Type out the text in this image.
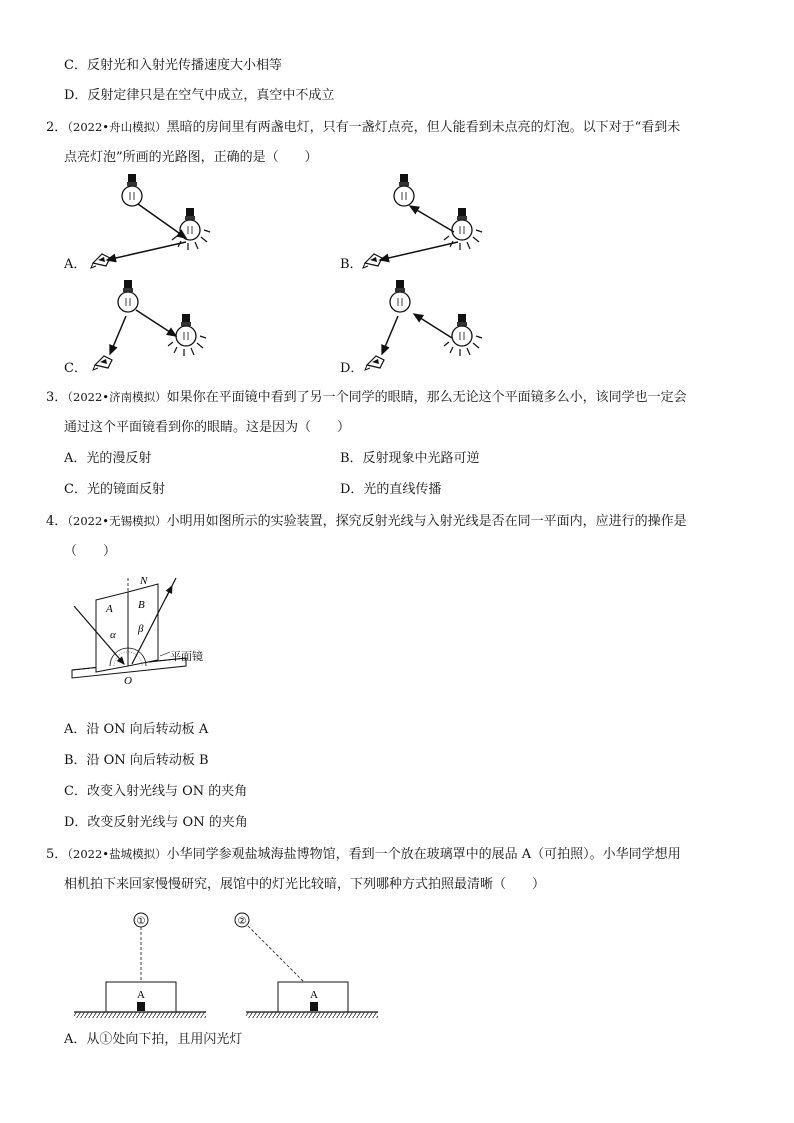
C．反射光和入射光传播速度大小相等
D．反射定律只是在空气中成立，真空中不成立
2．（2022•舟山模拟）黑暗的房间里有两盏电灯，只有一盏灯点亮，但人能看到未点亮的灯泡。以下对于“看到未
点亮灯泡”所画的光路图，正确的是（　　）
A．	B．
C．	D．
3．（2022•济南模拟）如果你在平面镜中看到了另一个同学的眼睛，那么无论这个平面镜多么小，该同学也一定会
通过这个平面镜看到你的眼睛。这是因为（　　）
A．光的漫反射	B．反射现象中光路可逆
C．光的镜面反射	D．光的直线传播
4．（2022•无锡模拟）小明用如图所示的实验装置，探究反射光线与入射光线是否在同一平面内，应进行的操作是
（　　）
N
A B
α β
O
平面镜
A．沿 ON 向后转动板 A
B．沿 ON 向后转动板 B
C．改变入射光线与 ON 的夹角
D．改变反射光线与 ON 的夹角
5．（2022•盐城模拟）小华同学参观盐城海盐博物馆，看到一个放在玻璃罩中的展品 A（可拍照）。小华同学想用
相机拍下来回家慢慢研究，展馆中的灯光比较暗，下列哪种方式拍照最清晰（　　）
①
A
②
A
A．从①处向下拍，且用闪光灯
